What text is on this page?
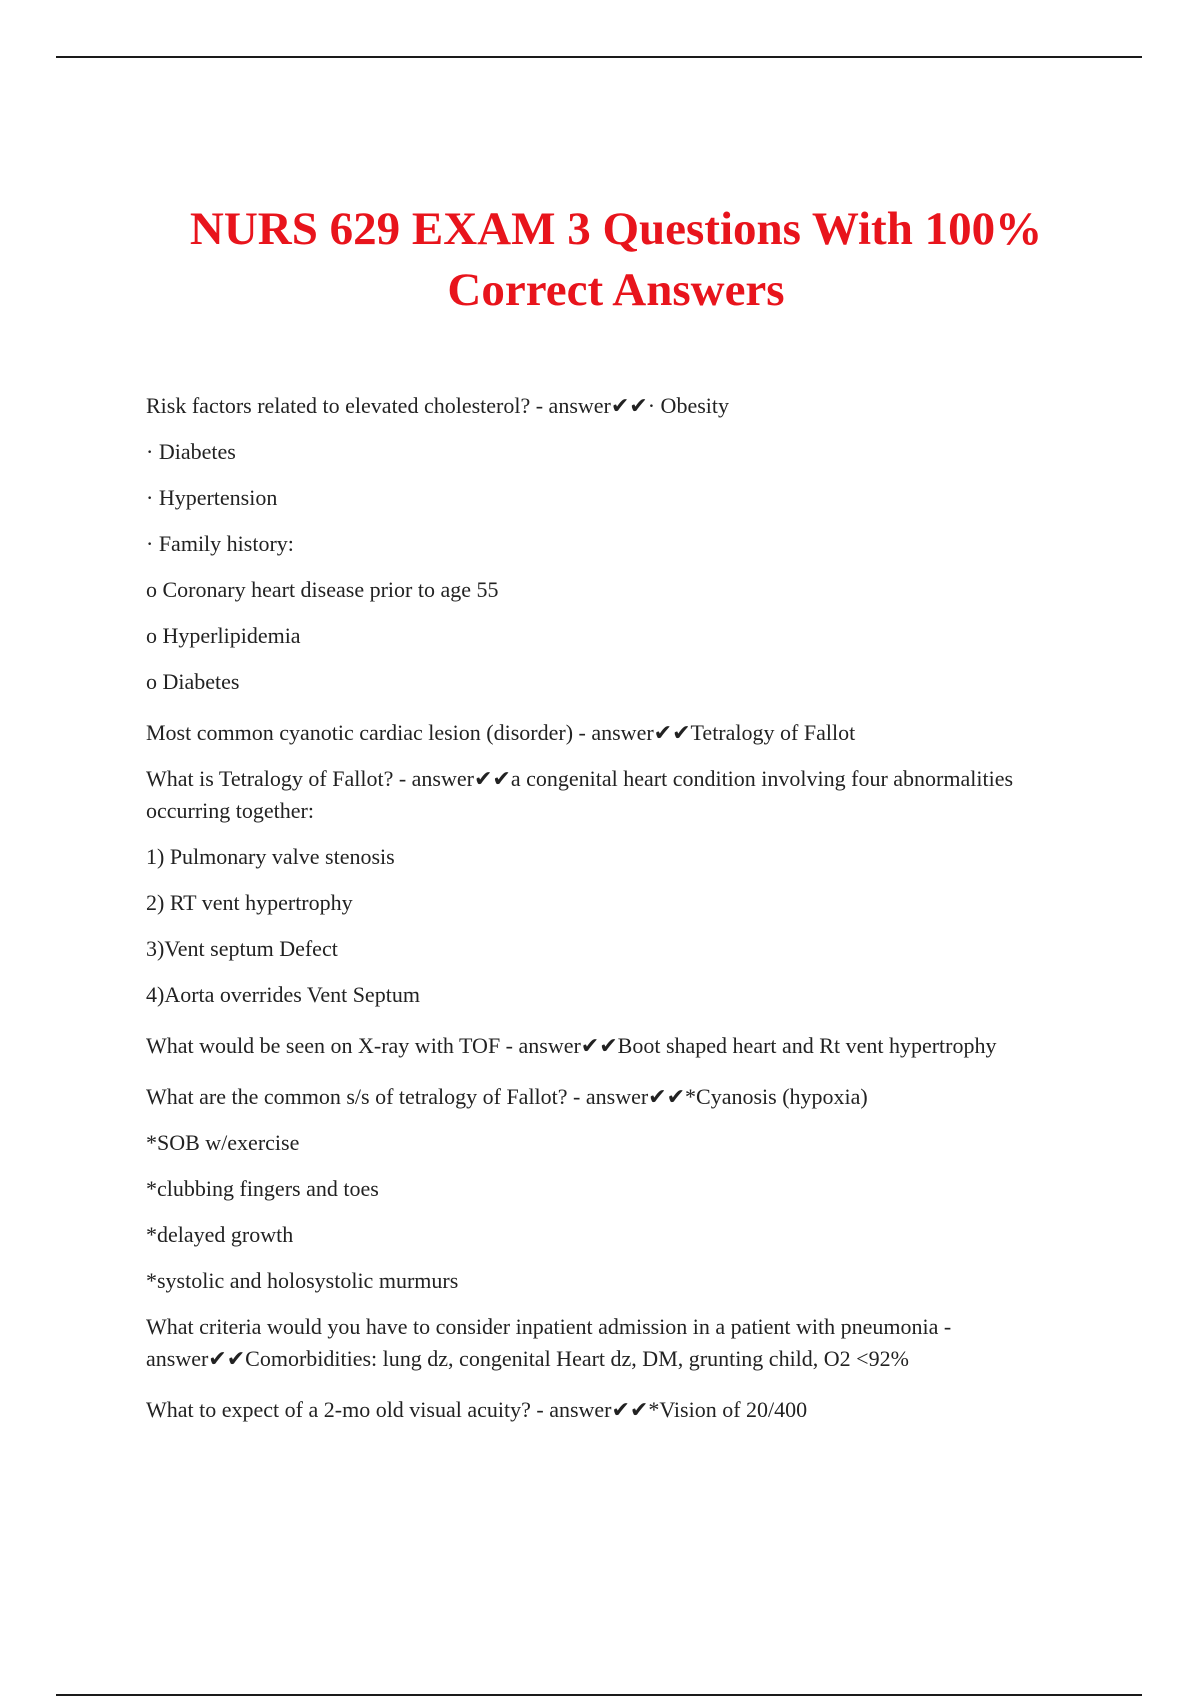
NURS 629 EXAM 3 Questions With 100%
Correct Answers

Risk factors related to elevated cholesterol? - answer✔✔· Obesity

· Diabetes

· Hypertension

· Family history:

o Coronary heart disease prior to age 55

o Hyperlipidemia

o Diabetes

Most common cyanotic cardiac lesion (disorder) - answer✔✔Tetralogy of Fallot

What is Tetralogy of Fallot? - answer✔✔a congenital heart condition involving four abnormalities occurring together:

1) Pulmonary valve stenosis

2) RT vent hypertrophy

3)Vent septum Defect

4)Aorta overrides Vent Septum

What would be seen on X-ray with TOF - answer✔✔Boot shaped heart and Rt vent hypertrophy

What are the common s/s of tetralogy of Fallot? - answer✔✔*Cyanosis (hypoxia)

*SOB w/exercise

*clubbing fingers and toes

*delayed growth

*systolic and holosystolic murmurs

What criteria would you have to consider inpatient admission in a patient with pneumonia - answer✔✔Comorbidities: lung dz, congenital Heart dz, DM, grunting child, O2 <92%

What to expect of a 2-mo old visual acuity? - answer✔✔*Vision of 20/400
